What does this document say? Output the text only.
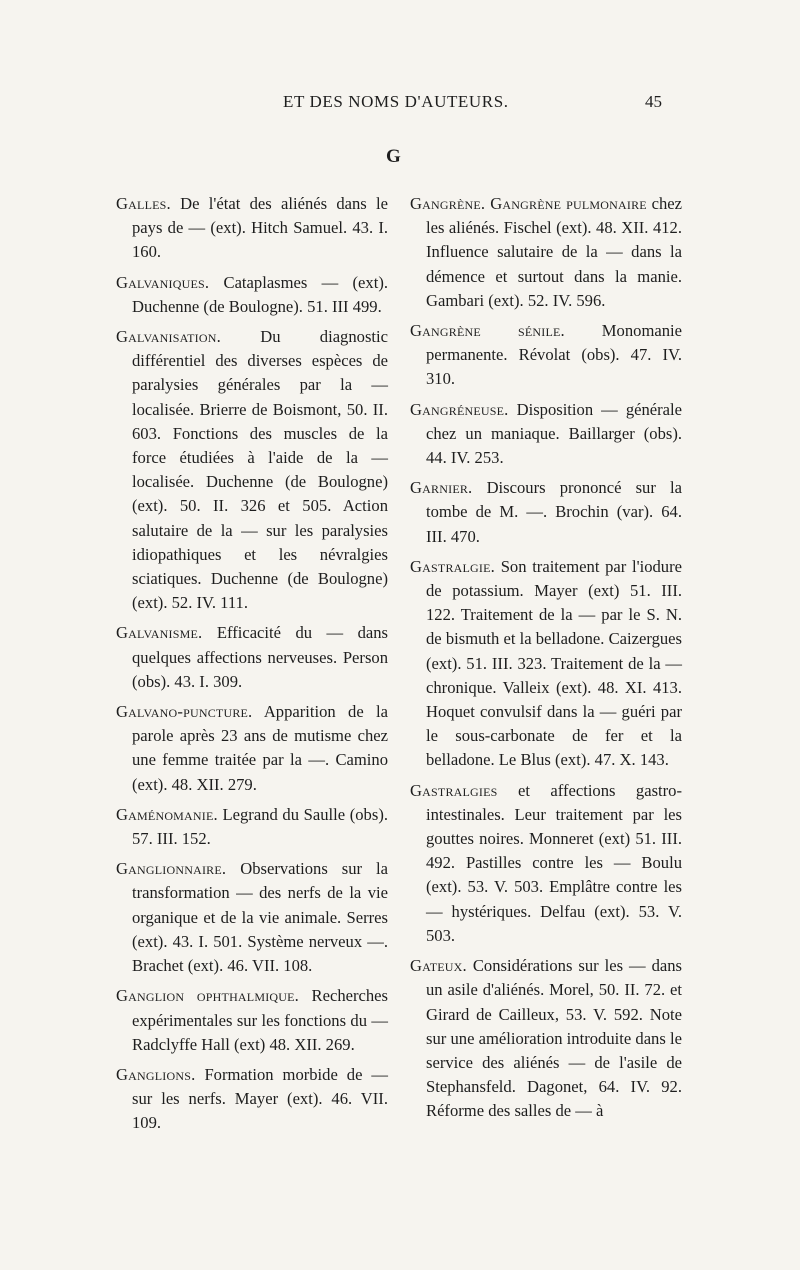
ET DES NOMS D'AUTEURS.	45
G

Galles. De l'état des aliénés dans le pays de — (ext). Hitch Samuel. 43. I. 160.

Galvaniques. Cataplasmes — (ext). Duchenne (de Boulogne). 51. III 499.

Galvanisation. Du diagnostic différentiel des diverses espèces de paralysies générales par la — localisée. Brierre de Boismont, 50. II. 603. Fonctions des muscles de la force étudiées à l'aide de la — localisée. Duchenne (de Boulogne) (ext). 50. II. 326 et 505. Action salutaire de la — sur les paralysies idiopathiques et les névralgies sciatiques. Duchenne (de Boulogne) (ext). 52. IV. 111.

Galvanisme. Efficacité du — dans quelques affections nerveuses. Person (obs). 43. I. 309.

Galvano-puncture. Apparition de la parole après 23 ans de mutisme chez une femme traitée par la —. Camino (ext). 48. XII. 279.

Gaménomanie. Legrand du Saulle (obs). 57. III. 152.

Ganglionnaire. Observations sur la transformation — des nerfs de la vie organique et de la vie animale. Serres (ext). 43. I. 501. Système nerveux —. Brachet (ext). 46. VII. 108.

Ganglion ophthalmique. Recherches expérimentales sur les fonctions du — Radclyffe Hall (ext) 48. XII. 269.

Ganglions. Formation morbide de — sur les nerfs. Mayer (ext). 46. VII. 109.

Gangrène. Gangrène pulmonaire chez les aliénés. Fischel (ext). 48. XII. 412. Influence salutaire de la — dans la démence et surtout dans la manie. Gambari (ext). 52. IV. 596.

Gangrène sénile. Monomanie permanente. Révolat (obs). 47. IV. 310.

Gangréneuse. Disposition — générale chez un maniaque. Baillarger (obs). 44. IV. 253.

Garnier. Discours prononcé sur la tombe de M. —. Brochin (var). 64. III. 470.

Gastralgie. Son traitement par l'iodure de potassium. Mayer (ext) 51. III. 122. Traitement de la — par le S. N. de bismuth et la belladone. Caizergues (ext). 51. III. 323. Traitement de la — chronique. Valleix (ext). 48. XI. 413. Hoquet convulsif dans la — guéri par le sous-carbonate de fer et la belladone. Le Blus (ext). 47. X. 143.

Gastralgies et affections gastro-intestinales. Leur traitement par les gouttes noires. Monneret (ext) 51. III. 492. Pastilles contre les — Boulu (ext). 53. V. 503. Emplâtre contre les — hystériques. Delfau (ext). 53. V. 503.

Gateux. Considérations sur les — dans un asile d'aliénés. Morel, 50. II. 72. et Girard de Cailleux, 53. V. 592. Note sur une amélioration introduite dans le service des aliénés — de l'asile de Stephansfeld. Dagonet, 64. IV. 92. Réforme des salles de — à
